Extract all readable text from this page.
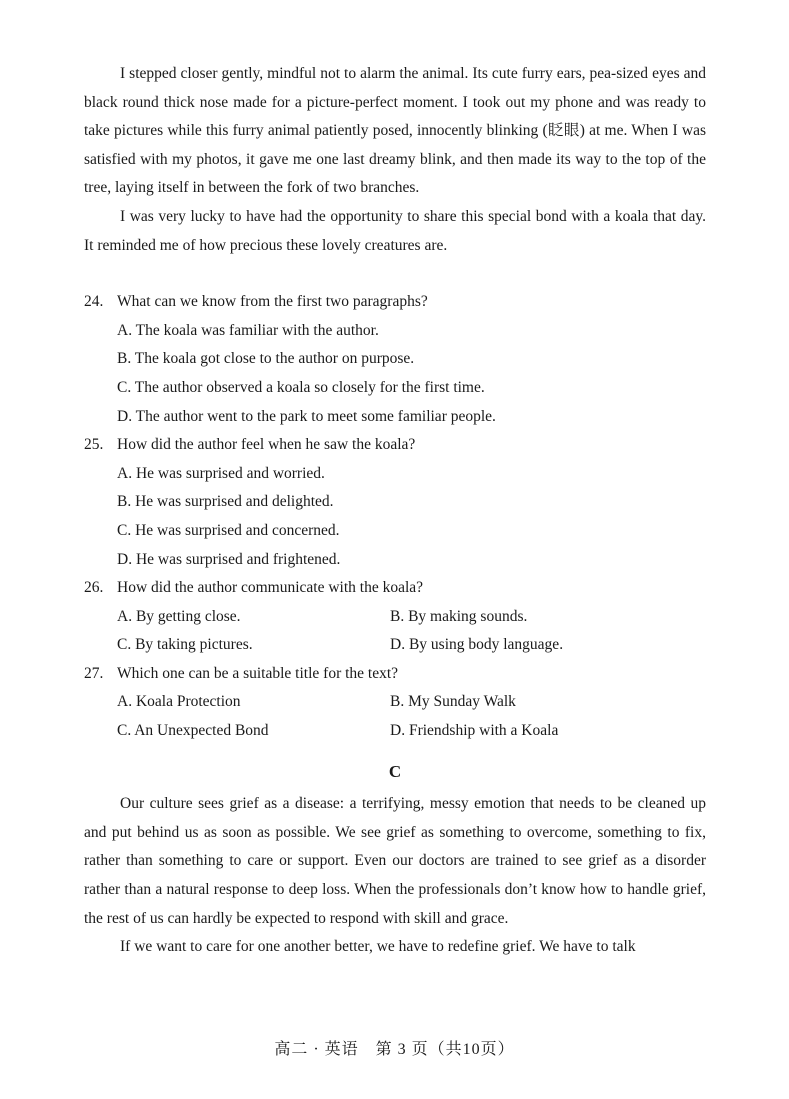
I stepped closer gently, mindful not to alarm the animal. Its cute furry ears, pea-sized eyes and black round thick nose made for a picture-perfect moment. I took out my phone and was ready to take pictures while this furry animal patiently posed, innocently blinking (眨眼) at me. When I was satisfied with my photos, it gave me one last dreamy blink, and then made its way to the top of the tree, laying itself in between the fork of two branches.

I was very lucky to have had the opportunity to share this special bond with a koala that day. It reminded me of how precious these lovely creatures are.

24. What can we know from the first two paragraphs?

A. The koala was familiar with the author.

B. The koala got close to the author on purpose.

C. The author observed a koala so closely for the first time.

D. The author went to the park to meet some familiar people.

25. How did the author feel when he saw the koala?

A. He was surprised and worried.

B. He was surprised and delighted.

C. He was surprised and concerned.

D. He was surprised and frightened.

26. How did the author communicate with the koala?

A. By getting close.	B. By making sounds.
C. By taking pictures.	D. By using body language.

27. Which one can be a suitable title for the text?

A. Koala Protection	B. My Sunday Walk
C. An Unexpected Bond	D. Friendship with a Koala
C

Our culture sees grief as a disease: a terrifying, messy emotion that needs to be cleaned up and put behind us as soon as possible. We see grief as something to overcome, something to fix, rather than something to care or support. Even our doctors are trained to see grief as a disorder rather than a natural response to deep loss. When the professionals don’t know how to handle grief, the rest of us can hardly be expected to respond with skill and grace.

If we want to care for one another better, we have to redefine grief. We have to talk

高二 · 英语　第 3 页（共10页）
